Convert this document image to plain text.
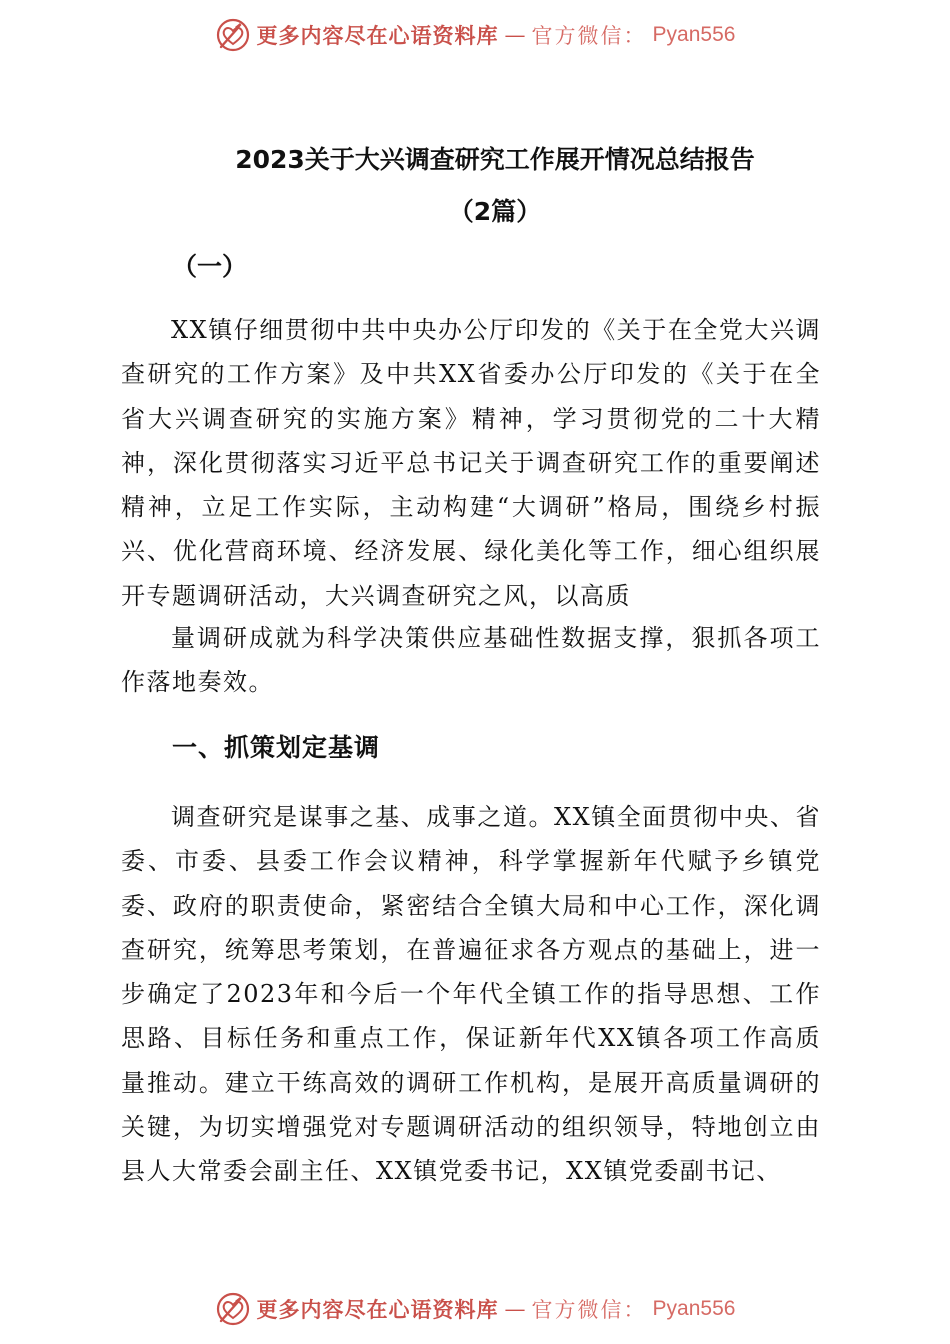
更多内容尽在心语资料库 — 官方微信： Pyan556
2023关于大兴调查研究工作展开情况总结报告
（2篇）
（一）
XX镇仔细贯彻中共中央办公厅印发的《关于在全党大兴调查研究的工作方案》及中共XX省委办公厅印发的《关于在全省大兴调查研究的实施方案》精神，学习贯彻党的二十大精神，深化贯彻落实习近平总书记关于调查研究工作的重要阐述精神，立足工作实际，主动构建“大调研”格局，围绕乡村振兴、优化营商环境、经济发展、绿化美化等工作，细心组织展开专题调研活动，大兴调查研究之风，以高质
量调研成就为科学决策供应基础性数据支撑，狠抓各项工作落地奏效。
一、抓策划定基调
调查研究是谋事之基、成事之道。XX镇全面贯彻中央、省委、市委、县委工作会议精神，科学掌握新年代赋予乡镇党委、政府的职责使命，紧密结合全镇大局和中心工作，深化调查研究，统筹思考策划，在普遍征求各方观点的基础上，进一步确定了2023年和今后一个年代全镇工作的指导思想、工作思路、目标任务和重点工作，保证新年代XX镇各项工作高质量推动。建立干练高效的调研工作机构，是展开高质量调研的关键，为切实增强党对专题调研活动的组织领导，特地创立由县人大常委会副主任、XX镇党委书记，XX镇党委副书记、
更多内容尽在心语资料库 — 官方微信： Pyan556
